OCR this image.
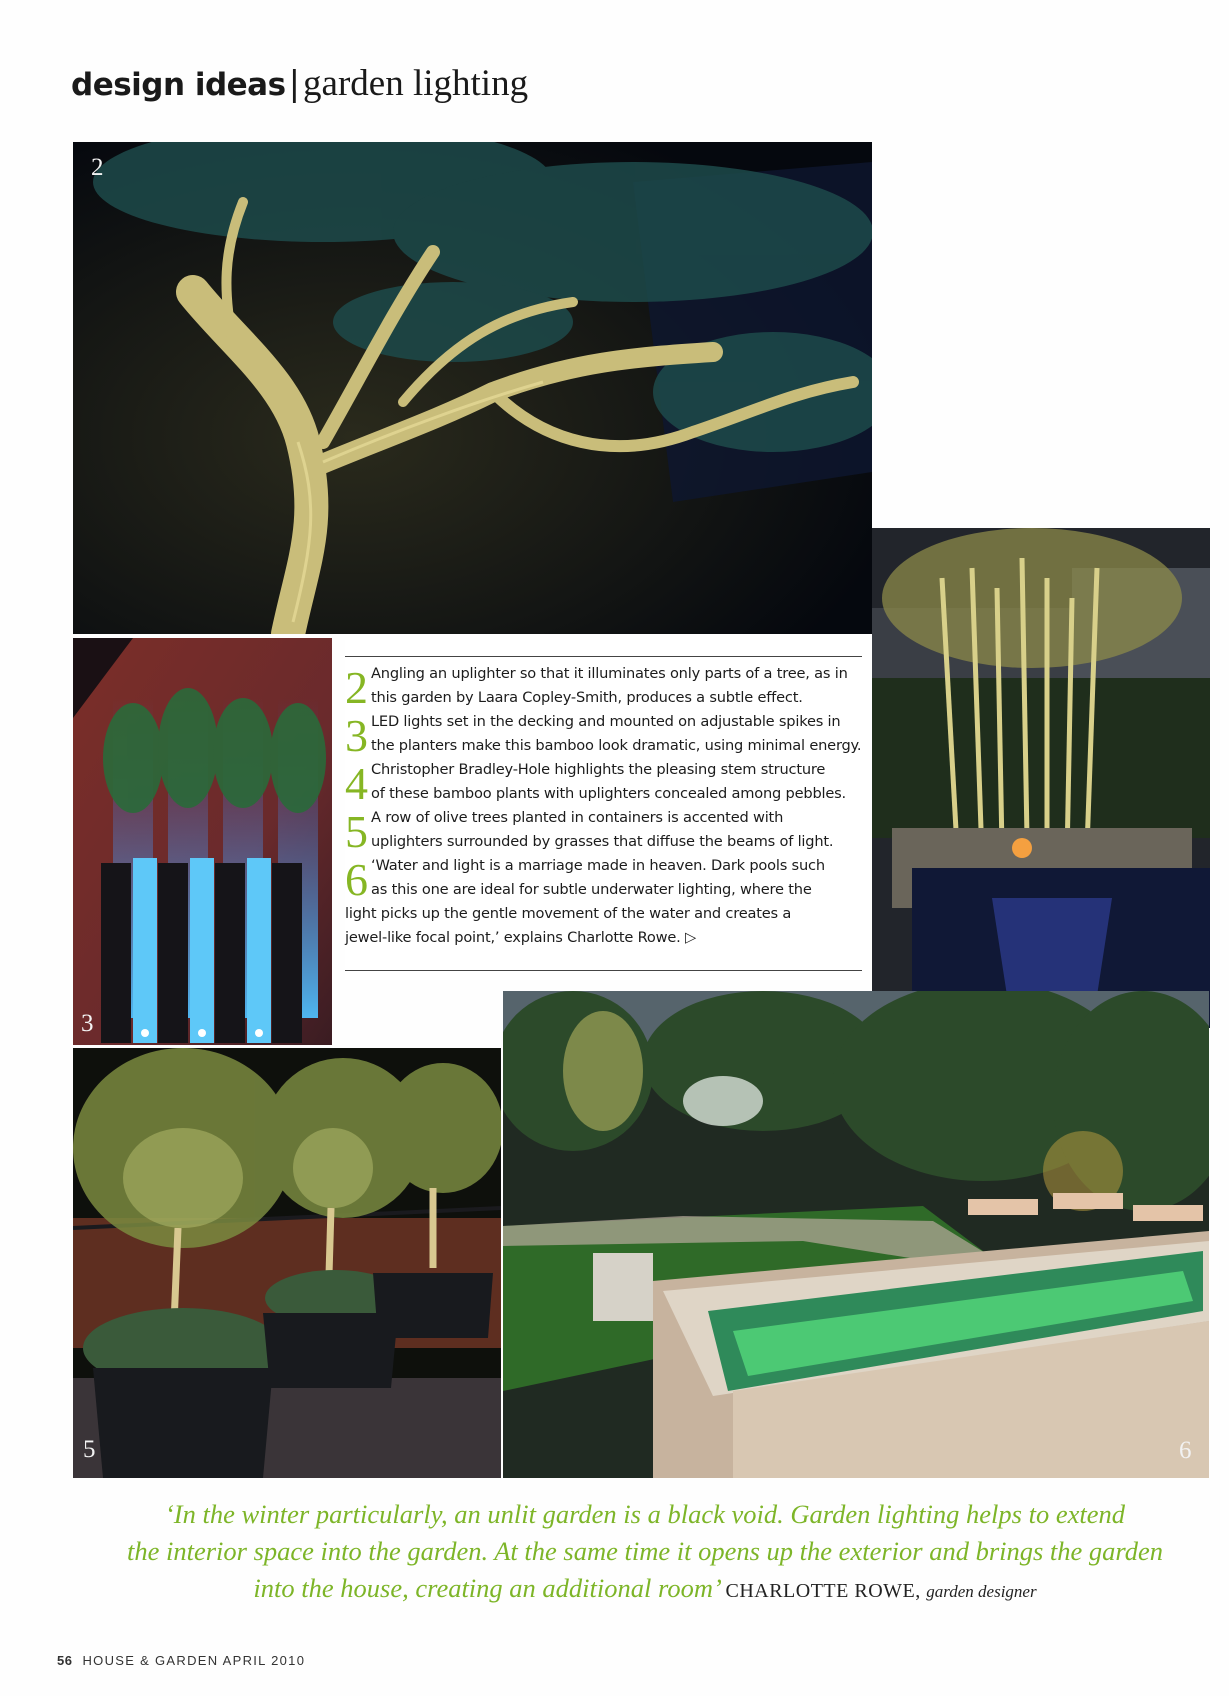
design ideas|garden lighting
2
3
5	6
2 Angling an uplighter so that it illuminates only parts of a tree, as in
this garden by Laara Copley-Smith, produces a subtle effect.
3 LED lights set in the decking and mounted on adjustable spikes in
the planters make this bamboo look dramatic, using minimal energy.
4 Christopher Bradley-Hole highlights the pleasing stem structure
of these bamboo plants with uplighters concealed among pebbles.
5 A row of olive trees planted in containers is accented with
uplighters surrounded by grasses that diffuse the beams of light.
6 ‘Water and light is a marriage made in heaven. Dark pools such
as this one are ideal for subtle underwater lighting, where the
light picks up the gentle movement of the water and creates a
jewel-like focal point,’ explains Charlotte Rowe. ▷
‘In the winter particularly, an unlit garden is a black void. Garden lighting helps to extend
the interior space into the garden. At the same time it opens up the exterior and brings the garden
into the house, creating an additional room’ CHARLOTTE ROWE, garden designer
56 HOUSE & GARDEN APRIL 2010
